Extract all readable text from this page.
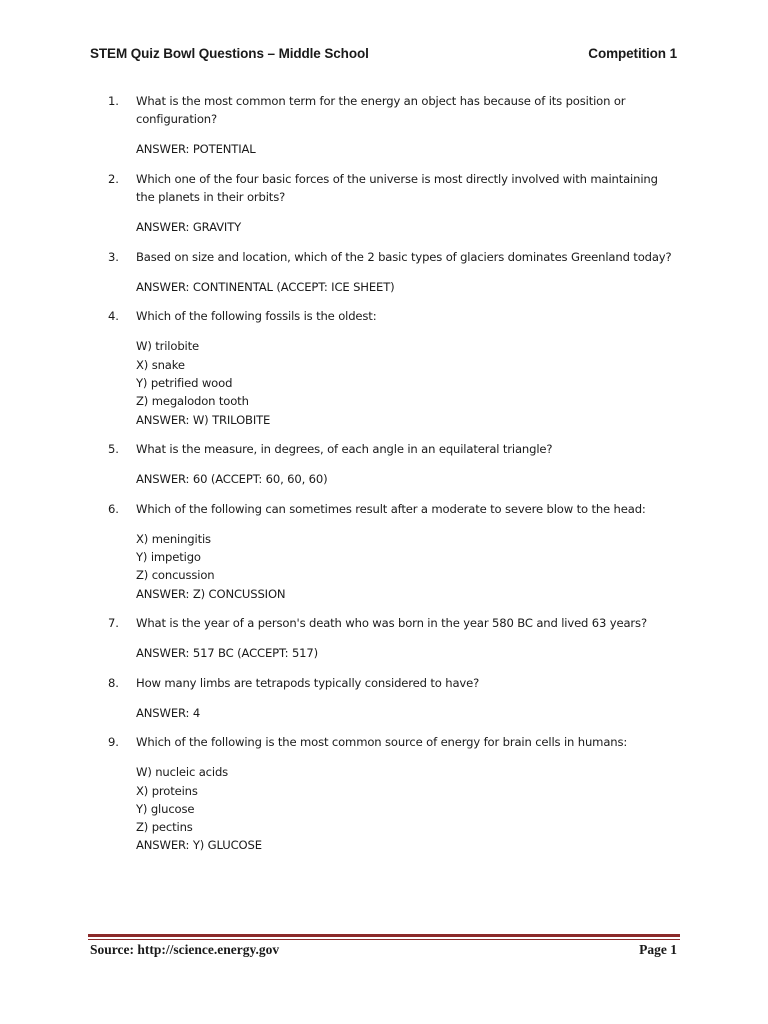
STEM Quiz Bowl Questions – Middle School	Competition 1
1.	What is the most common term for the energy an object has because of its position or configuration?
ANSWER: POTENTIAL
2.	Which one of the four basic forces of the universe is most directly involved with maintaining the planets in their orbits?
ANSWER: GRAVITY
3.	Based on size and location, which of the 2 basic types of glaciers dominates Greenland today?
ANSWER: CONTINENTAL (ACCEPT: ICE SHEET)
4.	Which of the following fossils is the oldest:
W) trilobite
X) snake
Y) petrified wood
Z) megalodon tooth
ANSWER: W) TRILOBITE
5.	What is the measure, in degrees, of each angle in an equilateral triangle?
ANSWER: 60 (ACCEPT: 60, 60, 60)
6.	Which of the following can sometimes result after a moderate to severe blow to the head:
X) meningitis
Y) impetigo
Z) concussion
ANSWER: Z) CONCUSSION
7.	What is the year of a person's death who was born in the year 580 BC and lived 63 years?
ANSWER: 517 BC (ACCEPT: 517)
8.	How many limbs are tetrapods typically considered to have?
ANSWER: 4
9.	Which of the following is the most common source of energy for brain cells in humans:
W) nucleic acids
X) proteins
Y) glucose
Z) pectins
ANSWER: Y) GLUCOSE
Source: http://science.energy.gov	Page 1
